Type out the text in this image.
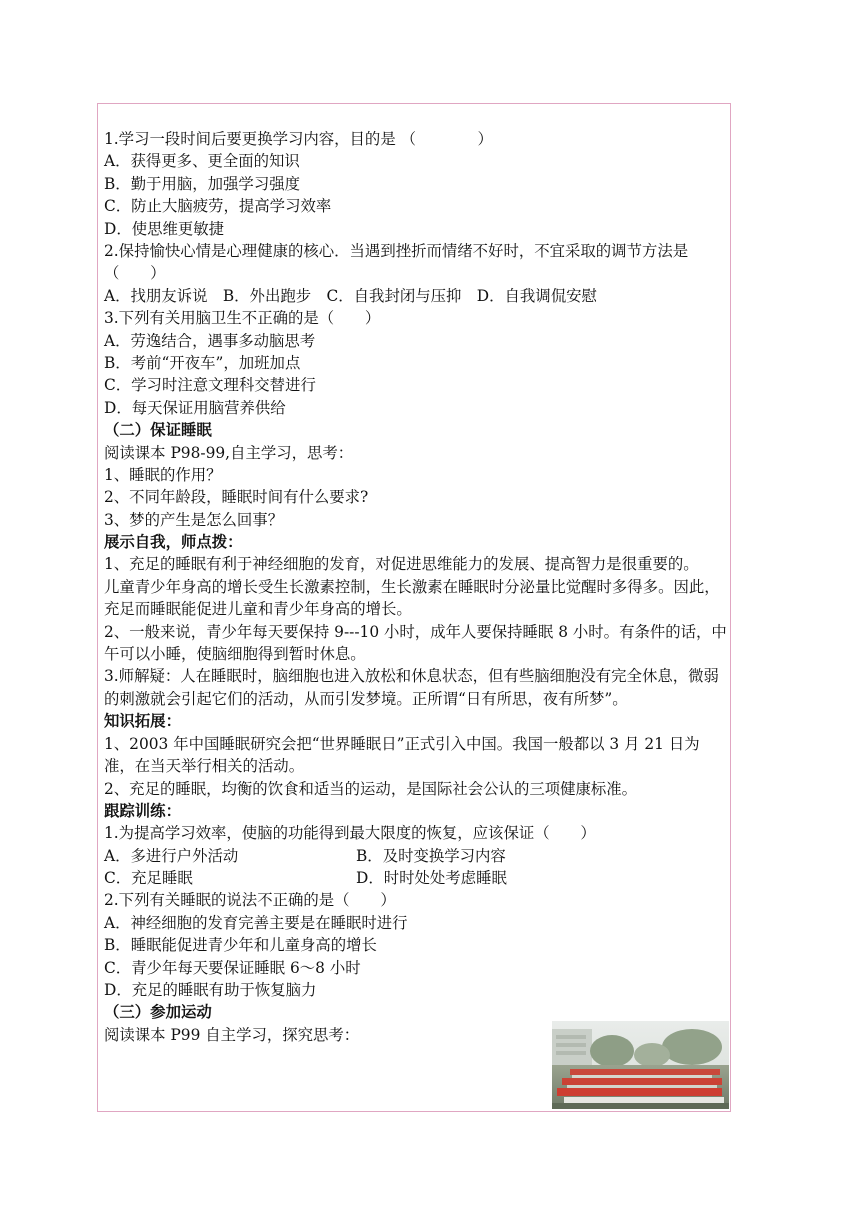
1.学习一段时间后要更换学习内容，目的是 （　　　　）
A．获得更多、更全面的知识
B．勤于用脑，加强学习强度
C．防止大脑疲劳，提高学习效率
D．使思维更敏捷
2.保持愉快心情是心理健康的核心．当遇到挫折而情绪不好时，不宜采取的调节方法是（　　）
A．找朋友诉说　B．外出跑步　C．自我封闭与压抑　D．自我调侃安慰
3.下列有关用脑卫生不正确的是（　　）
A．劳逸结合，遇事多动脑思考
B．考前“开夜车”，加班加点
C．学习时注意文理科交替进行
D．每天保证用脑营养供给
（二）保证睡眠
阅读课本 P98-99,自主学习，思考：
1、睡眠的作用？
2、不同年龄段，睡眠时间有什么要求?
3、梦的产生是怎么回事？
展示自我，师点拨：
1、充足的睡眠有利于神经细胞的发育，对促进思维能力的发展、提高智力是很重要的。
儿童青少年身高的增长受生长激素控制，生长激素在睡眠时分泌量比觉醒时多得多。因此，充足而睡眠能促进儿童和青少年身高的增长。
2、一般来说，青少年每天要保持 9---10 小时，成年人要保持睡眠 8 小时。有条件的话，中午可以小睡，使脑细胞得到暂时休息。
3.师解疑：人在睡眠时，脑细胞也进入放松和休息状态，但有些脑细胞没有完全休息，微弱的刺激就会引起它们的活动，从而引发梦境。正所谓“日有所思，夜有所梦”。
知识拓展：
1、2003 年中国睡眠研究会把“世界睡眠日”正式引入中国。我国一般都以 3 月 21 日为准，在当天举行相关的活动。
2、充足的睡眠，均衡的饮食和适当的运动，是国际社会公认的三项健康标准。
跟踪训练：
1.为提高学习效率，使脑的功能得到最大限度的恢复，应该保证（　　）
A．多进行户外活动	B．及时变换学习内容
C．充足睡眠	D．时时处处考虑睡眠
2.下列有关睡眠的说法不正确的是（　　）
A．神经细胞的发育完善主要是在睡眠时进行
B．睡眠能促进青少年和儿童身高的增长
C．青少年每天要保证睡眠 6～8 小时
D．充足的睡眠有助于恢复脑力
（三）参加运动
阅读课本 P99 自主学习，探究思考：
